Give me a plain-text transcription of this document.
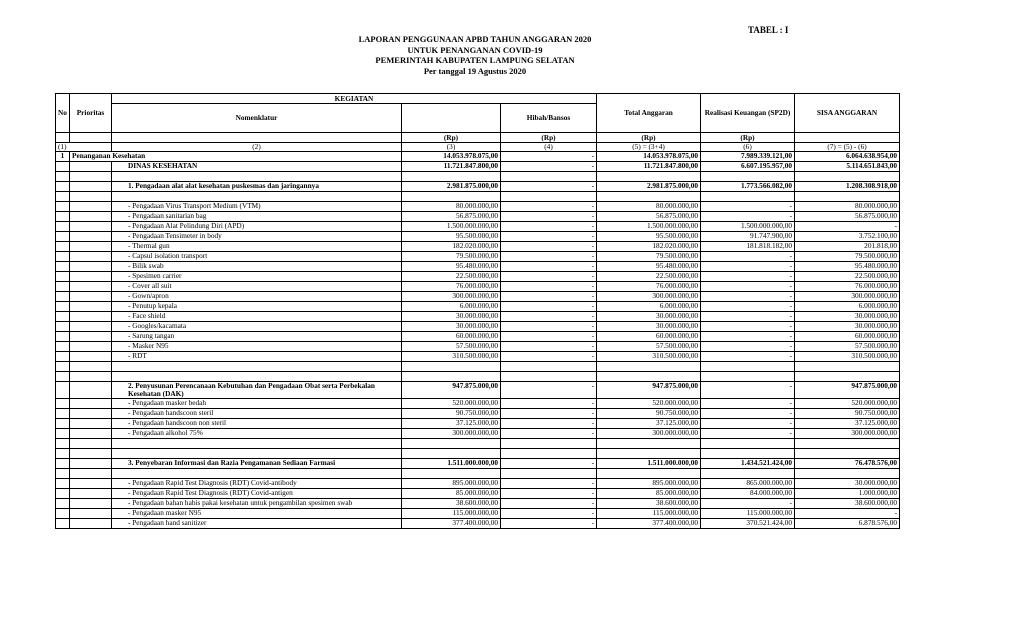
TABEL : I
LAPORAN PENGGUNAAN APBD TAHUN ANGGARAN 2020
UNTUK PENANGANAN COVID-19
PEMERINTAH KABUPATEN LAMPUNG SELATAN
Per tanggal 19 Agustus 2020
No	Prioritas	KEGIATAN			Total Anggaran	Realisasi Keuangan (SP2D)	SISA ANGGARAN
		Nomenklatur		Hibah/Bansos			
			(Rp)	(Rp)	(Rp)	(Rp)	
(1)		(2)	(3)	(4)	(5) = (3+4)	(6)	(7) = (5) - (6)
1	Penanganan Kesehatan		14.053.978.075,00	-	14.053.978.075,00	7.989.339.121,00	6.064.638.954,00
		DINAS KESEHATAN	11.721.847.800,00	-	11.721.847.800,00	6.607.195.957,00	5.114.651.843,00

		1. Pengadaan alat alat kesehatan puskesmas dan jaringannya	2.981.875.000,00	-	2.981.875.000,00	1.773.566.082,00	1.208.308.918,00

		- Pengadaan Virus Transport Medium (VTM)	80.000.000,00	-	80.000.000,00	-	80.000.000,00
		- Pengadaan sanitarian bag	56.875.000,00	-	56.875.000,00	-	56.875.000,00
		- Pengadaan Alat Pelindung Diri (APD)	1.500.000.000,00	-	1.500.000.000,00	1.500.000.000,00	-
		- Pengadaan Tensimeter in body	95.500.000,00	-	95.500.000,00	91.747.900,00	3.752.100,00
		- Thermal gun	182.020.000,00	-	182.020.000,00	181.818.182,00	201.818,00
		- Capsul isolation transport	79.500.000,00	-	79.500.000,00	-	79.500.000,00
		- Bilik swab	95.480.000,00	-	95.480.000,00	-	95.480.000,00
		- Spesimen carrier	22.500.000,00	-	22.500.000,00	-	22.500.000,00
		- Cover all suit	76.000.000,00	-	76.000.000,00	-	76.000.000,00
		- Gown/apron	300.000.000,00	-	300.000.000,00	-	300.000.000,00
		- Penutup kepala	6.000.000,00	-	6.000.000,00	-	6.000.000,00
		- Face shield	30.000.000,00	-	30.000.000,00	-	30.000.000,00
		- Googles/kacamata	30.000.000,00	-	30.000.000,00	-	30.000.000,00
		- Sarung tangan	60.000.000,00	-	60.000.000,00	-	60.000.000,00
		- Masker N95	57.500.000,00	-	57.500.000,00	-	57.500.000,00
		- RDT	310.500.000,00	-	310.500.000,00	-	310.500.000,00

		2. Penyusunan Perencanaan Kebutuhan dan Pengadaan Obat serta Perbekalan Kesehatan (DAK)	947.875.000,00	-	947.875.000,00	-	947.875.000,00
		- Pengadaan masker bedah	520.000.000,00	-	520.000.000,00	-	520.000.000,00
		- Pengadaan handscoon steril	90.750.000,00	-	90.750.000,00	-	90.750.000,00
		- Pengadaan handscoon non steril	37.125.000,00	-	37.125.000,00	-	37.125.000,00
		- Pengadaan alkohol 75%	300.000.000,00	-	300.000.000,00	-	300.000.000,00

		3. Penyebaran Informasi dan Razia Pengamanan Sediaan Farmasi	1.511.000.000,00	-	1.511.000.000,00	1.434.521.424,00	76.478.576,00

		- Pengadaan Rapid Test Diagnosis (RDT) Covid-antibody	895.000.000,00	-	895.000.000,00	865.000.000,00	30.000.000,00
		- Pengadaan Rapid Test Diagnosis (RDT) Covid-antigen	85.000.000,00	-	85.000.000,00	84.000.000,00	1.000.000,00
		- Pengadaan bahan habis pakai kesehatan untuk pengambilan spesimen swab	38.600.000,00	-	38.600.000,00	-	38.600.000,00
		- Pengadaan masker N95	115.000.000,00	-	115.000.000,00	115.000.000,00	-
		- Pengadaan hand sanitizer	377.400.000,00	-	377.400.000,00	370.521.424,00	6.878.576,00
